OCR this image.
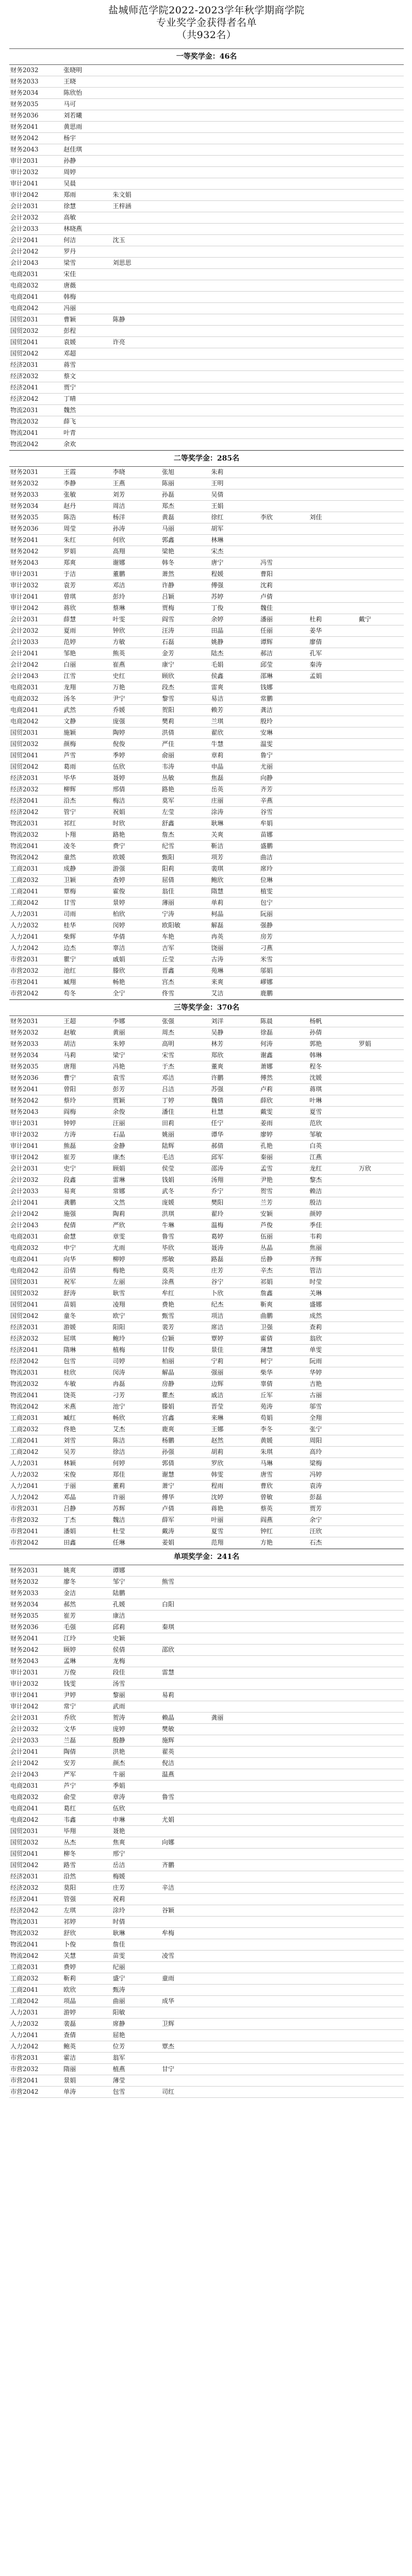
盐城师范学院2022-2023学年秋学期商学院
专业奖学金获得者名单
（共932名）
一等奖学金：46名
财务2032	张晓明
财务2033	王晓
财务2034	陈欣怡
财务2035	马可
财务2036	刘若曦
财务2041	黄思雨
财务2042	杨宇
财务2043	赵佳琪
审计2031	孙静
审计2032	周婷
审计2041	吴晨
审计2042	郑雨	朱文娟
会计2031	徐慧	王梓涵
会计2032	高敏
会计2033	林晓燕
会计2041	何洁	沈玉
会计2042	罗丹
会计2043	梁雪	刘思思
电商2031	宋佳
电商2032	唐薇
电商2041	韩梅
电商2042	冯丽
国贸2031	曹颖	陈静
国贸2032	彭程
国贸2041	袁媛	许亮
国贸2042	邓超
经济2031	蒋雪
经济2032	蔡文
经济2041	贾宁
经济2042	丁晴
物流2031	魏然
物流2032	薛飞
物流2041	叶青
物流2042	余欢
二等奖学金：285名
财务2031	王霞	李晓	张旭	朱莉
财务2032	李静	王燕	陈丽	王明
财务2033	张敏	刘芳	孙磊	吴倩
财务2034	赵丹	周洁	郑杰	王娟
财务2035	陈浩	杨洋	黄磊	徐红	李欣	刘佳
财务2036	周莹	孙涛	马丽	胡军
财务2041	朱红	何欣	郭鑫	林琳
财务2042	罗娟	高翔	梁艳	宋杰
财务2043	郑爽	谢娜	韩冬	唐宁	冯雪
审计2031	于洁	董鹏	萧然	程媛	曹阳
审计2032	袁芳	邓洁	许静	傅强	沈莉
审计2041	曾琪	彭玲	吕颖	苏婷	卢倩
审计2042	蒋欣	蔡琳	贾梅	丁俊	魏佳
会计2031	薛慧	叶雯	阎雪	余婷	潘丽	杜莉	戴宁
会计2032	夏雨	钟欣	汪涛	田晶	任丽	姜华
会计2033	范婷	方敏	石磊	姚静	谭辉	廖倩
会计2041	邹艳	熊英	金芳	陆杰	郝洁	孔军
会计2042	白丽	崔燕	康宁	毛娟	邱莹	秦涛
会计2043	江雪	史红	顾欣	侯鑫	邵琳	孟娟
电商2031	龙翔	万艳	段杰	雷爽	钱娜
电商2032	汤冬	尹宁	黎雪	易洁	常鹏
电商2041	武然	乔媛	贺阳	赖芳	龚洁
电商2042	文静	庞强	樊莉	兰琪	殷玲
国贸2031	施颖	陶婷	洪倩	翟欣	安琳
国贸2032	颜梅	倪俊	严佳	牛慧	温雯
国贸2041	芦雪	季婷	俞丽	章莉	鲁宁
国贸2042	葛雨	伍欣	韦涛	申晶	尤丽
经济2031	毕华	聂婷	丛敏	焦磊	向静
经济2032	柳辉	邢倩	路艳	岳英	齐芳
经济2041	沿杰	梅洁	莫军	庄丽	辛燕
经济2042	管宁	祝娟	左莹	涂涛	谷雪
物流2031	祁红	时欣	舒鑫	耿琳	牟娟
物流2032	卜翔	路艳	詹杰	关爽	苗娜
物流2041	凌冬	费宁	纪雪	靳洁	盛鹏
物流2042	童然	欧媛	甄阳	项芳	曲洁
工商2031	成静	游强	阳莉	裴琪	席玲
工商2032	卫颖	查婷	屈倩	鲍欣	位琳
工商2041	覃梅	霍俊	翁佳	隋慧	植雯
工商2042	甘雪	景婷	薄丽	单莉	包宁
人力2031	司雨	柏欣	宁涛	柯晶	阮丽
人力2032	桂华	闵婷	欧阳敏	解磊	强静
人力2041	柴辉	华倩	车艳	冉英	房芳
人力2042	边杰	辜洁	吉军	饶丽	刁燕
市营2031	瞿宁	戚娟	丘莹	古涛	米雪
市营2032	池红	滕欣	晋鑫	苑琳	邬娟
市营2041	臧翔	畅艳	宫杰	来爽	嵺娜
市营2042	苟冬	全宁	佟雪	艾洁	鹿鹏
三等奖学金：370名
财务2031	王超	李娜	张强	刘洋	陈晨	杨帆
财务2032	赵敏	黄丽	周杰	吴静	徐磊	孙倩
财务2033	胡洁	朱婷	高明	林芳	何涛	郭艳	罗娟
财务2034	马莉	梁宁	宋雪	郑欣	谢鑫	韩琳
财务2035	唐翔	冯艳	于杰	董爽	萧娜	程冬
财务2036	曹宁	袁雪	邓洁	许鹏	傅然	沈媛
财务2041	曾阳	彭芳	吕洁	苏强	卢莉	蒋琪
财务2042	蔡玲	贾颖	丁婷	魏倩	薛欣	叶琳
财务2043	阎梅	余俊	潘佳	杜慧	戴雯	夏雪
审计2031	钟婷	汪丽	田莉	任宁	姜雨	范欣
审计2032	方涛	石晶	姚丽	谭华	廖婷	邹敏
审计2041	熊磊	金静	陆辉	郝倩	孔艳	白英
审计2042	崔芳	康杰	毛洁	邱军	秦丽	江燕
会计2031	史宁	顾娟	侯莹	邵涛	孟雪	龙红	万欣
会计2032	段鑫	雷琳	钱娟	汤翔	尹艳	黎杰
会计2033	易爽	常娜	武冬	乔宁	贺雪	赖洁
会计2041	龚鹏	文然	庞媛	樊阳	兰芳	殷洁
会计2042	施强	陶莉	洪琪	翟玲	安颖	颜婷
会计2043	倪倩	严欣	牛琳	温梅	芦俊	季佳
电商2031	俞慧	章雯	鲁雪	葛婷	伍丽	韦莉
电商2032	申宁	尤雨	毕欣	聂涛	丛晶	焦丽
电商2041	向华	柳婷	邢敏	路磊	岳静	齐辉
电商2042	沿倩	梅艳	莫英	庄芳	辛杰	管洁
国贸2031	祝军	左丽	涂燕	谷宁	祁娟	时莹
国贸2032	舒涛	耿雪	牟红	卜欣	詹鑫	关琳
国贸2041	苗娟	凌翔	费艳	纪杰	靳爽	盛娜
国贸2042	童冬	欧宁	甄雪	项洁	曲鹏	成然
经济2031	游媛	阳阳	裴芳	席洁	卫强	查莉
经济2032	屈琪	鲍玲	位颖	覃婷	霍倩	翁欣
经济2041	隋琳	植梅	甘俊	景佳	薄慧	单雯
经济2042	包雪	司婷	柏丽	宁莉	柯宁	阮雨
物流2031	桂欣	闵涛	解晶	强丽	柴华	华婷
物流2032	车敏	冉磊	房静	边辉	辜倩	吉艳
物流2041	饶英	刁芳	瞿杰	戚洁	丘军	古丽
物流2042	米燕	池宁	滕娟	晋莹	苑涛	邬雪
工商2031	臧红	畅欣	宫鑫	来琳	苟娟	全翔
工商2032	佟艳	艾杰	鹿爽	王娜	李冬	张宁
工商2041	刘雪	陈洁	杨鹏	赵然	黄媛	周阳
工商2042	吴芳	徐洁	孙强	胡莉	朱琪	高玲
人力2031	林颖	何婷	郭倩	罗欣	马琳	梁梅
人力2032	宋俊	郑佳	谢慧	韩雯	唐雪	冯婷
人力2041	于丽	董莉	萧宁	程雨	曹欣	袁涛
人力2042	邓晶	许丽	傅华	沈婷	曾敏	彭磊
市营2031	吕静	苏辉	卢倩	蒋艳	蔡英	贾芳
市营2032	丁杰	魏洁	薛军	叶丽	阎燕	余宁
市营2041	潘娟	杜莹	戴涛	夏雪	钟红	汪欣
市营2042	田鑫	任琳	姜娟	范翔	方艳	石杰
单项奖学金：241名
财务2031	姚爽	谭娜
财务2032	廖冬	邹宁	熊雪
财务2033	金洁	陆鹏
财务2034	郝然	孔媛	白阳
财务2035	崔芳	康洁
财务2036	毛强	邱莉	秦琪
财务2041	江玲	史颖
财务2042	顾婷	侯倩	邵欣
财务2043	孟琳	龙梅
审计2031	万俊	段佳	雷慧
审计2032	钱雯	汤雪
审计2041	尹婷	黎丽	易莉
审计2042	常宁	武雨
会计2031	乔欣	贺涛	赖晶	龚丽
会计2032	文华	庞婷	樊敏
会计2033	兰磊	殷静	施辉
会计2041	陶倩	洪艳	翟英
会计2042	安芳	颜杰	倪洁
会计2043	严军	牛丽	温燕
电商2031	芦宁	季娟
电商2032	俞莹	章涛	鲁雪
电商2041	葛红	伍欣
电商2042	韦鑫	申琳	尤娟
国贸2031	毕翔	聂艳
国贸2032	丛杰	焦爽	向娜
国贸2041	柳冬	邢宁
国贸2042	路雪	岳洁	齐鹏
经济2031	沿然	梅媛
经济2032	莫阳	庄芳	辛洁
经济2041	管强	祝莉
经济2042	左琪	涂玲	谷颖
物流2031	祁婷	时倩
物流2032	舒欣	耿琳	牟梅
物流2041	卜俊	詹佳
物流2042	关慧	苗雯	凌雪
工商2031	费婷	纪丽
工商2032	靳莉	盛宁	童雨
工商2041	欧欣	甄涛
工商2042	项晶	曲丽	成华
人力2031	游婷	阳敏
人力2032	裴磊	席静	卫辉
人力2041	查倩	屈艳
人力2042	鲍英	位芳	覃杰
市营2031	霍洁	翁军
市营2032	隋丽	植燕	甘宁
市营2041	景娟	薄莹
市营2042	单涛	包雪	司红
